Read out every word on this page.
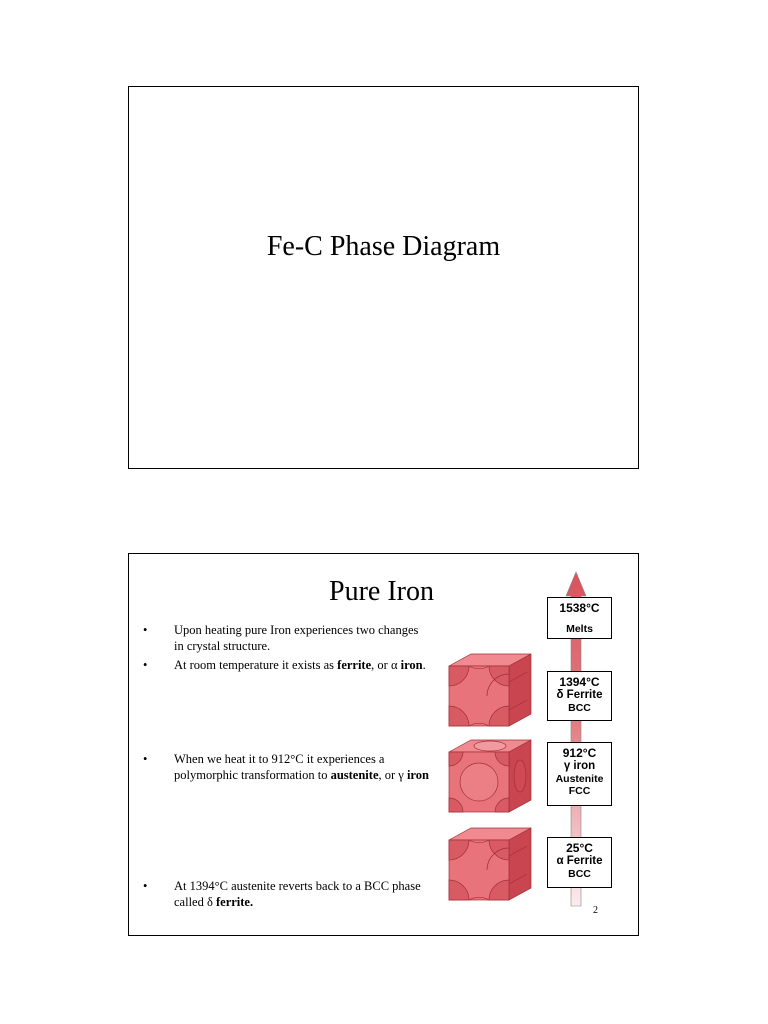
Fe-C Phase Diagram
Pure Iron
• Upon heating pure Iron experiences two changes in crystal structure.
• At room temperature it exists as ferrite, or α iron.
• When we heat it to 912°C it experiences a polymorphic transformation to austenite, or γ iron
• At 1394°C austenite reverts back to a BCC phase called δ ferrite.
1538°C
Melts
1394°C
δ Ferrite
BCC
912°C
γ iron
Austenite
FCC
25°C
α Ferrite
BCC
2
